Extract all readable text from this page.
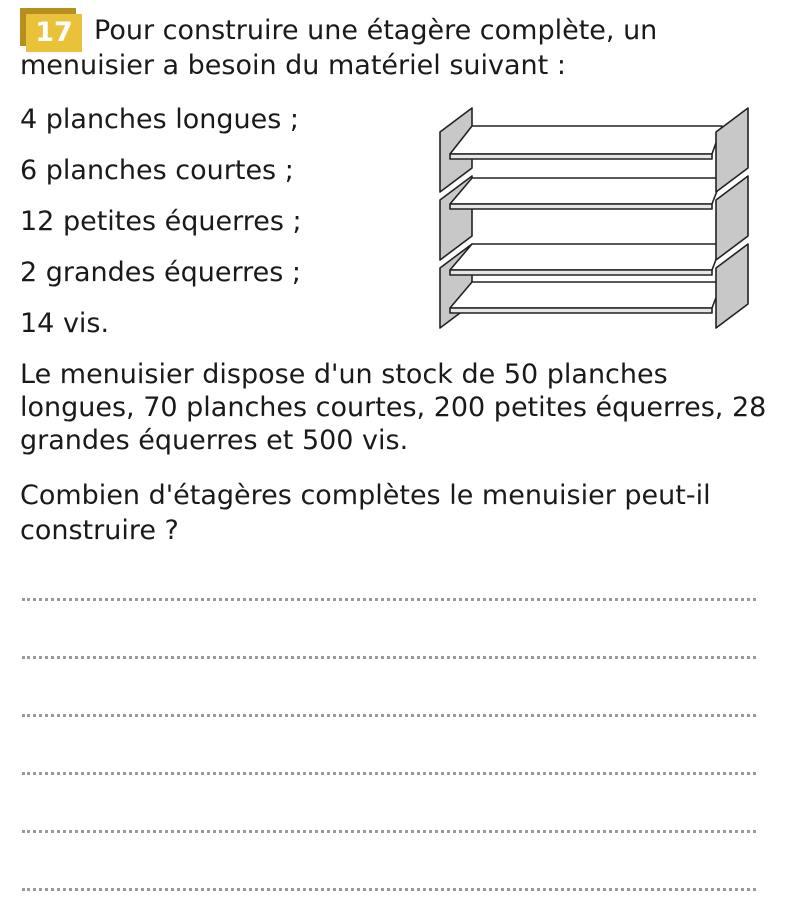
17 Pour construire une étagère complète, un menuisier a besoin du matériel suivant :

4 planches longues ;
6 planches courtes ;
12 petites équerres ;
2 grandes équerres ;
14 vis.

Le menuisier dispose d'un stock de 50 planches longues, 70 planches courtes, 200 petites équerres, 28 grandes équerres et 500 vis.

Combien d'étagères complètes le menuisier peut-il construire ?
